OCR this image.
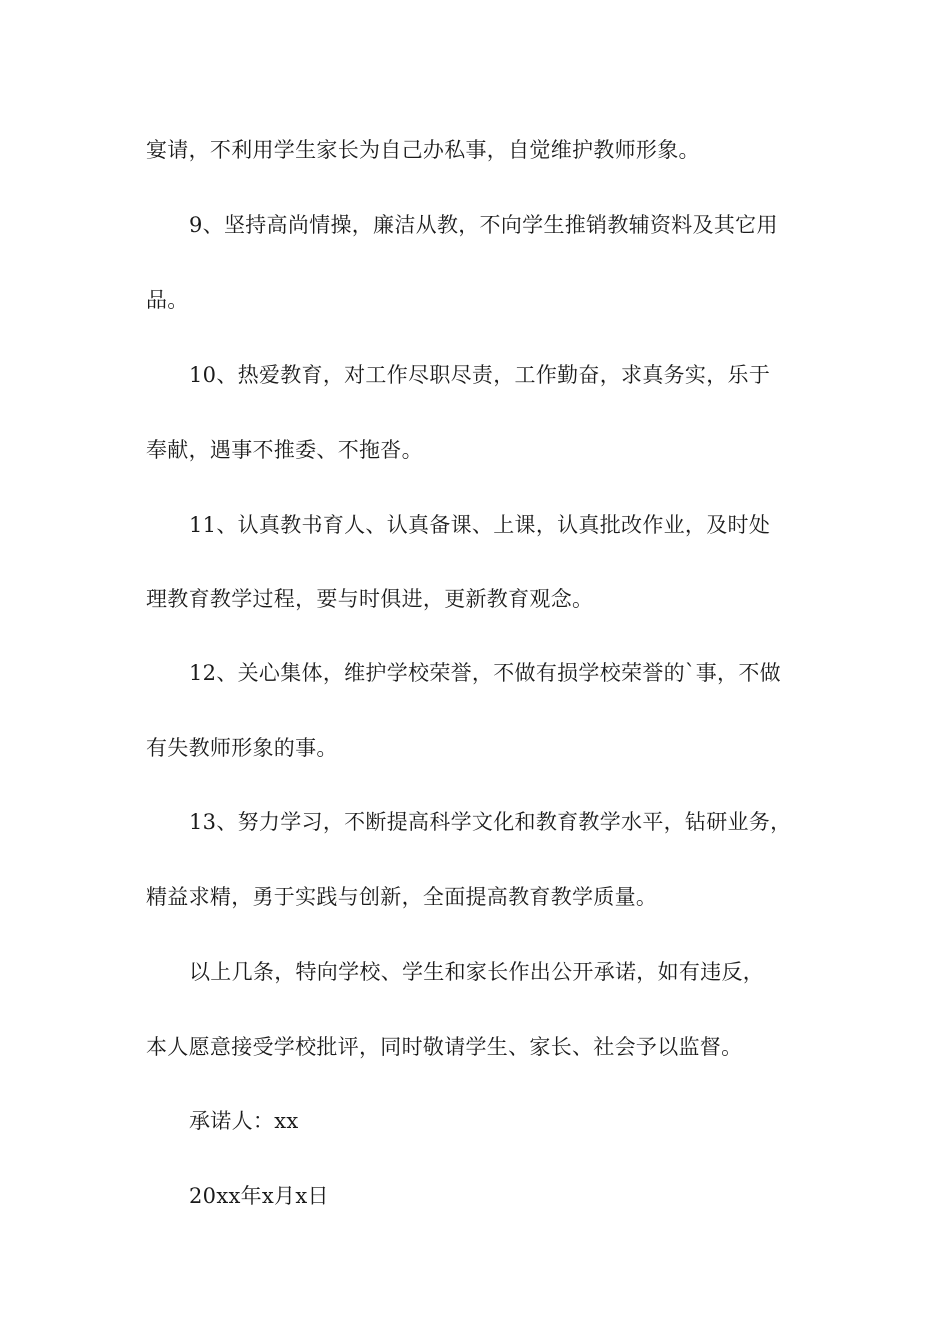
宴请，不利用学生家长为自己办私事，自觉维护教师形象。
9、坚持高尚情操，廉洁从教，不向学生推销教辅资料及其它用
品。
10、热爱教育，对工作尽职尽责，工作勤奋，求真务实，乐于
奉献，遇事不推委、不拖沓。
11、认真教书育人、认真备课、上课，认真批改作业，及时处
理教育教学过程，要与时俱进，更新教育观念。
12、关心集体，维护学校荣誉，不做有损学校荣誉的`事，不做
有失教师形象的事。
13、努力学习，不断提高科学文化和教育教学水平，钻研业务，
精益求精，勇于实践与创新，全面提高教育教学质量。
以上几条，特向学校、学生和家长作出公开承诺，如有违反，
本人愿意接受学校批评，同时敬请学生、家长、社会予以监督。
承诺人：xx
20xx年x月x日
